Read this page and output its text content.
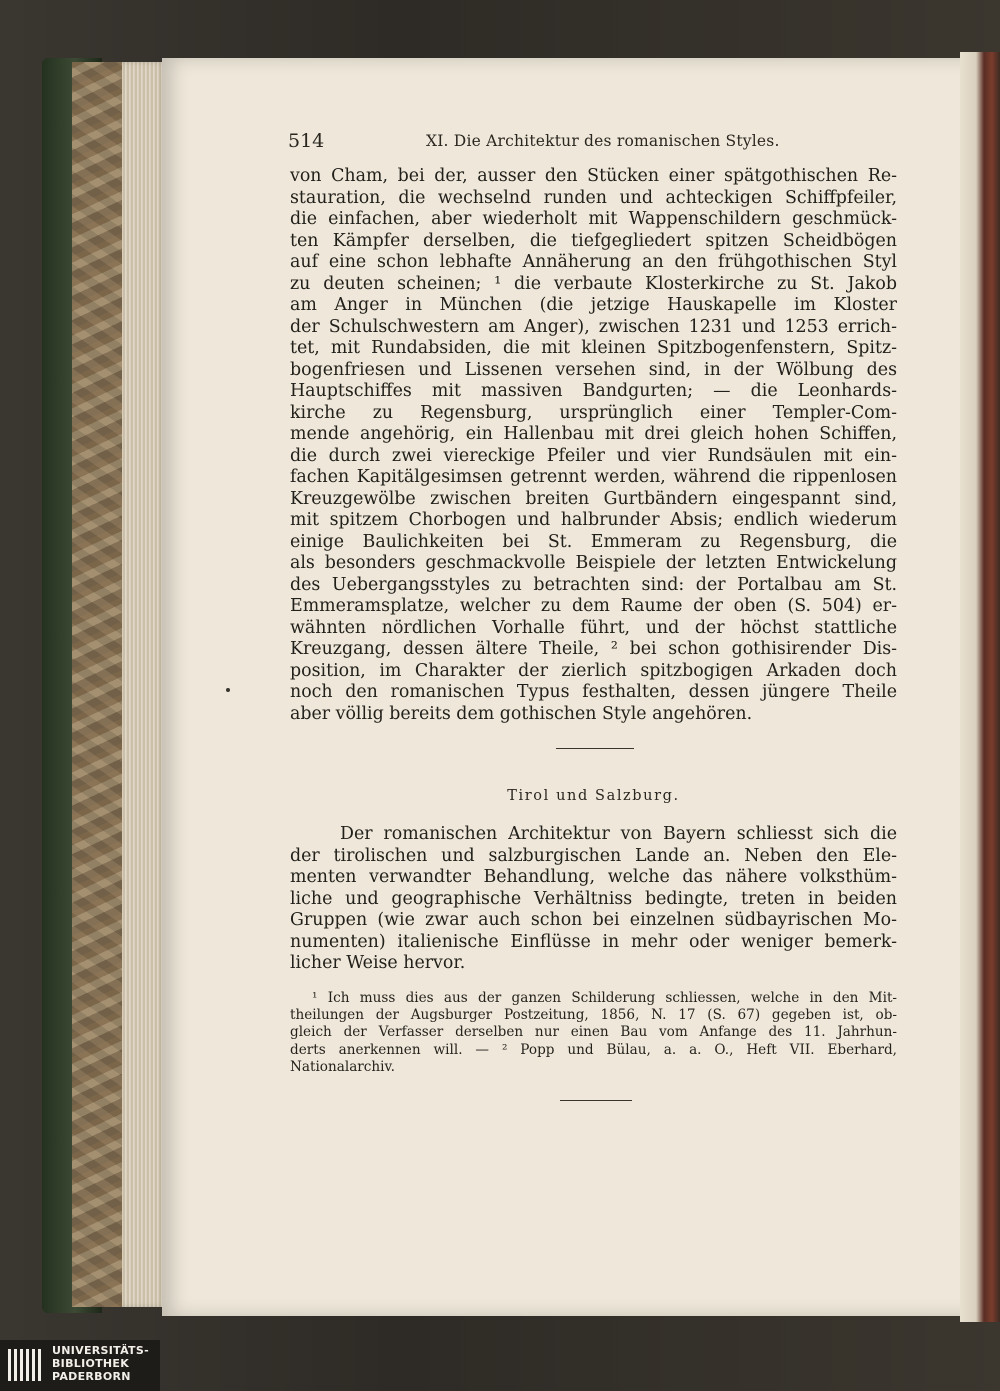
514	XI. Die Architektur des romanischen Styles.
von Cham, bei der, ausser den Stücken einer spätgothischen Re-
stauration, die wechselnd runden und achteckigen Schiffpfeiler,
die einfachen, aber wiederholt mit Wappenschildern geschmück-
ten Kämpfer derselben, die tiefgegliedert spitzen Scheidbögen
auf eine schon lebhafte Annäherung an den frühgothischen Styl
zu deuten scheinen; ¹ die verbaute Klosterkirche zu St. Jakob
am Anger in München (die jetzige Hauskapelle im Kloster
der Schulschwestern am Anger), zwischen 1231 und 1253 errich-
tet, mit Rundabsiden, die mit kleinen Spitzbogenfenstern, Spitz-
bogenfriesen und Lissenen versehen sind, in der Wölbung des
Hauptschiffes mit massiven Bandgurten; — die Leonhards-
kirche zu Regensburg, ursprünglich einer Templer-Com-
mende angehörig, ein Hallenbau mit drei gleich hohen Schiffen,
die durch zwei viereckige Pfeiler und vier Rundsäulen mit ein-
fachen Kapitälgesimsen getrennt werden, während die rippenlosen
Kreuzgewölbe zwischen breiten Gurtbändern eingespannt sind,
mit spitzem Chorbogen und halbrunder Absis; endlich wiederum
einige Baulichkeiten bei St. Emmeram zu Regensburg, die
als besonders geschmackvolle Beispiele der letzten Entwickelung
des Uebergangsstyles zu betrachten sind: der Portalbau am St.
Emmeramsplatze, welcher zu dem Raume der oben (S. 504) er-
wähnten nördlichen Vorhalle führt, und der höchst stattliche
Kreuzgang, dessen ältere Theile, ² bei schon gothisirender Dis-
position, im Charakter der zierlich spitzbogigen Arkaden doch
noch den romanischen Typus festhalten, dessen jüngere Theile
aber völlig bereits dem gothischen Style angehören.
Tirol und Salzburg.
Der romanischen Architektur von Bayern schliesst sich die
der tirolischen und salzburgischen Lande an. Neben den Ele-
menten verwandter Behandlung, welche das nähere volksthüm-
liche und geographische Verhältniss bedingte, treten in beiden
Gruppen (wie zwar auch schon bei einzelnen südbayrischen Mo-
numenten) italienische Einflüsse in mehr oder weniger bemerk-
licher Weise hervor.
¹ Ich muss dies aus der ganzen Schilderung schliessen, welche in den Mit-
theilungen der Augsburger Postzeitung, 1856, N. 17 (S. 67) gegeben ist, ob-
gleich der Verfasser derselben nur einen Bau vom Anfange des 11. Jahrhun-
derts anerkennen will. — ² Popp und Bülau, a. a. O., Heft VII. Eberhard,
Nationalarchiv.
UNIVERSITÄTS-
BIBLIOTHEK
PADERBORN
